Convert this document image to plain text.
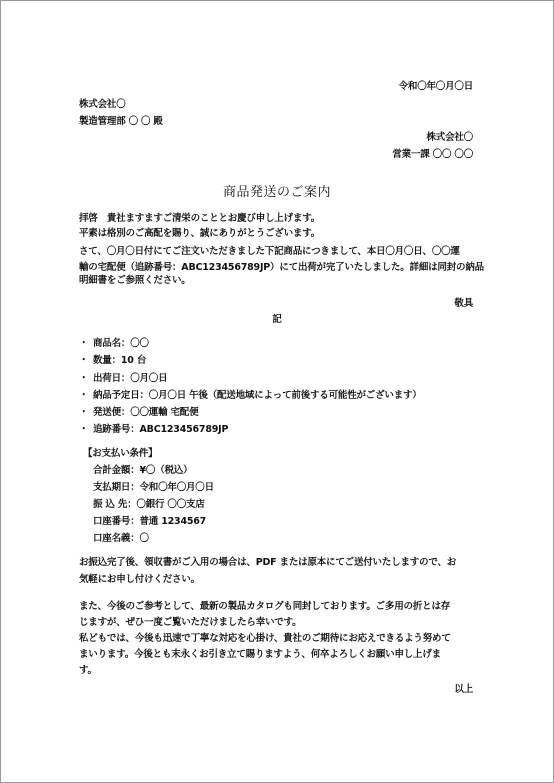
令和〇年〇月〇日
株式会社〇
製造管理部 〇 〇 殿
株式会社〇
営業一課 〇〇 〇〇
商品発送のご案内
拝啓　貴社ますますご清栄のこととお慶び申し上げます。
平素は格別のご高配を賜り、誠にありがとうございます。
さて、〇月〇日付にてご注文いただきました下記商品につきまして、本日〇月〇日、〇〇運
輸の宅配便（追跡番号：ABC123456789JP）にて出荷が完了いたしました。詳細は同封の納品
明細書をご参照ください。
敬具
記
・ 商品名：〇〇
・ 数量：10 台
・ 出荷日：〇月〇日
・ 納品予定日：〇月〇日 午後（配送地域によって前後する可能性がございます）
・ 発送便：〇〇運輸 宅配便
・ 追跡番号：ABC123456789JP
【お支払い条件】
合計金額：¥〇（税込）
支払期日：令和〇年〇月〇日
振 込 先：〇銀行 〇〇支店
口座番号：普通 1234567
口座名義：〇
お振込完了後、領収書がご入用の場合は、PDF または原本にてご送付いたしますので、お
気軽にお申し付けください。
また、今後のご参考として、最新の製品カタログも同封しております。ご多用の折とは存
じますが、ぜひ一度ご覧いただけましたら幸いです。
私どもでは、今後も迅速で丁寧な対応を心掛け、貴社のご期待にお応えできるよう努めて
まいります。今後とも末永くお引き立て賜りますよう、何卒よろしくお願い申し上げま
す。
以上
